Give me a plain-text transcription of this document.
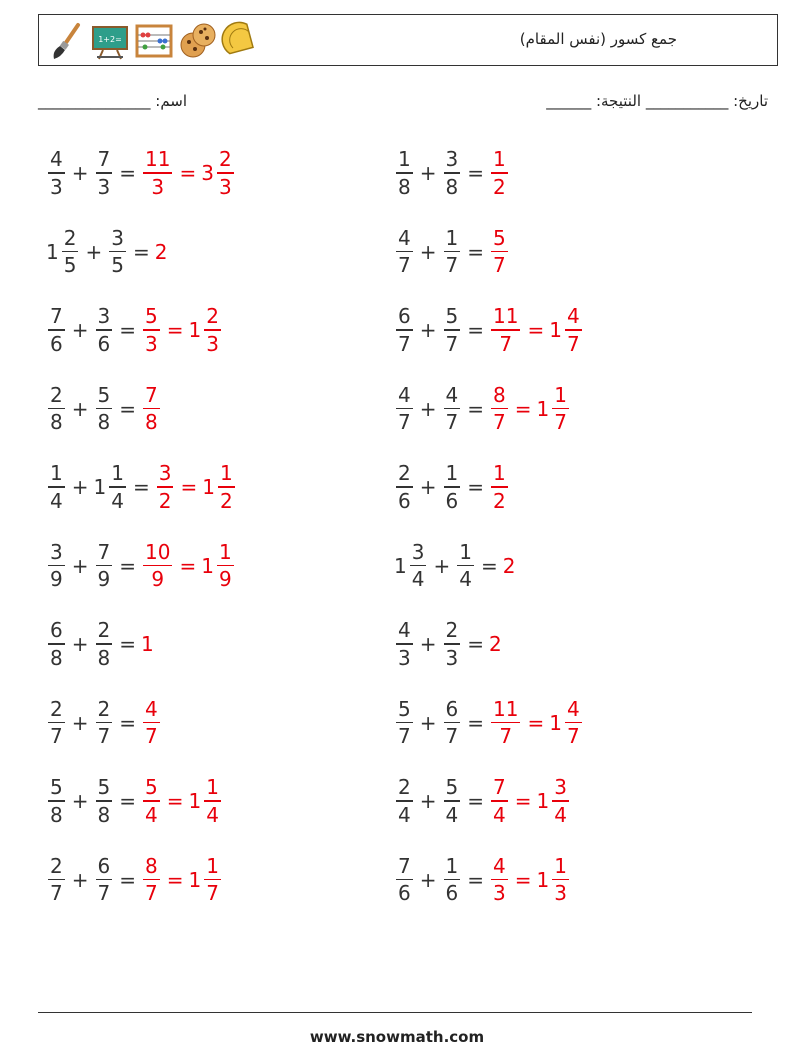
1+2=	جمع كسور (نفس المقام)
_______________ :اسم	______ :تاريخ: ___________ النتيجة
$\frac{4}{3} + \frac{7}{3} = \frac{11}{3} = 3 \frac{2}{3}$	$\frac{1}{8} + \frac{3}{8} = \frac{1}{2}$
$1 \frac{2}{5} + \frac{3}{5} = 2$	$\frac{4}{7} + \frac{1}{7} = \frac{5}{7}$
$\frac{7}{6} + \frac{3}{6} = \frac{5}{3} = 1 \frac{2}{3}$	$\frac{6}{7} + \frac{5}{7} = \frac{11}{7} = 1 \frac{4}{7}$
$\frac{2}{8} + \frac{5}{8} = \frac{7}{8}$	$\frac{4}{7} + \frac{4}{7} = \frac{8}{7} = 1 \frac{1}{7}$
$\frac{1}{4} + 1 \frac{1}{4} = \frac{3}{2} = 1 \frac{1}{2}$	$\frac{2}{6} + \frac{1}{6} = \frac{1}{2}$
$\frac{3}{9} + \frac{7}{9} = \frac{10}{9} = 1 \frac{1}{9}$	$1 \frac{3}{4} + \frac{1}{4} = 2$
$\frac{6}{8} + \frac{2}{8} = 1$	$\frac{4}{3} + \frac{2}{3} = 2$
$\frac{2}{7} + \frac{2}{7} = \frac{4}{7}$	$\frac{5}{7} + \frac{6}{7} = \frac{11}{7} = 1 \frac{4}{7}$
$\frac{5}{8} + \frac{5}{8} = \frac{5}{4} = 1 \frac{1}{4}$	$\frac{2}{4} + \frac{5}{4} = \frac{7}{4} = 1 \frac{3}{4}$
$\frac{2}{7} + \frac{6}{7} = \frac{8}{7} = 1 \frac{1}{7}$	$\frac{7}{6} + \frac{1}{6} = \frac{4}{3} = 1 \frac{1}{3}$
www.snowmath.com
